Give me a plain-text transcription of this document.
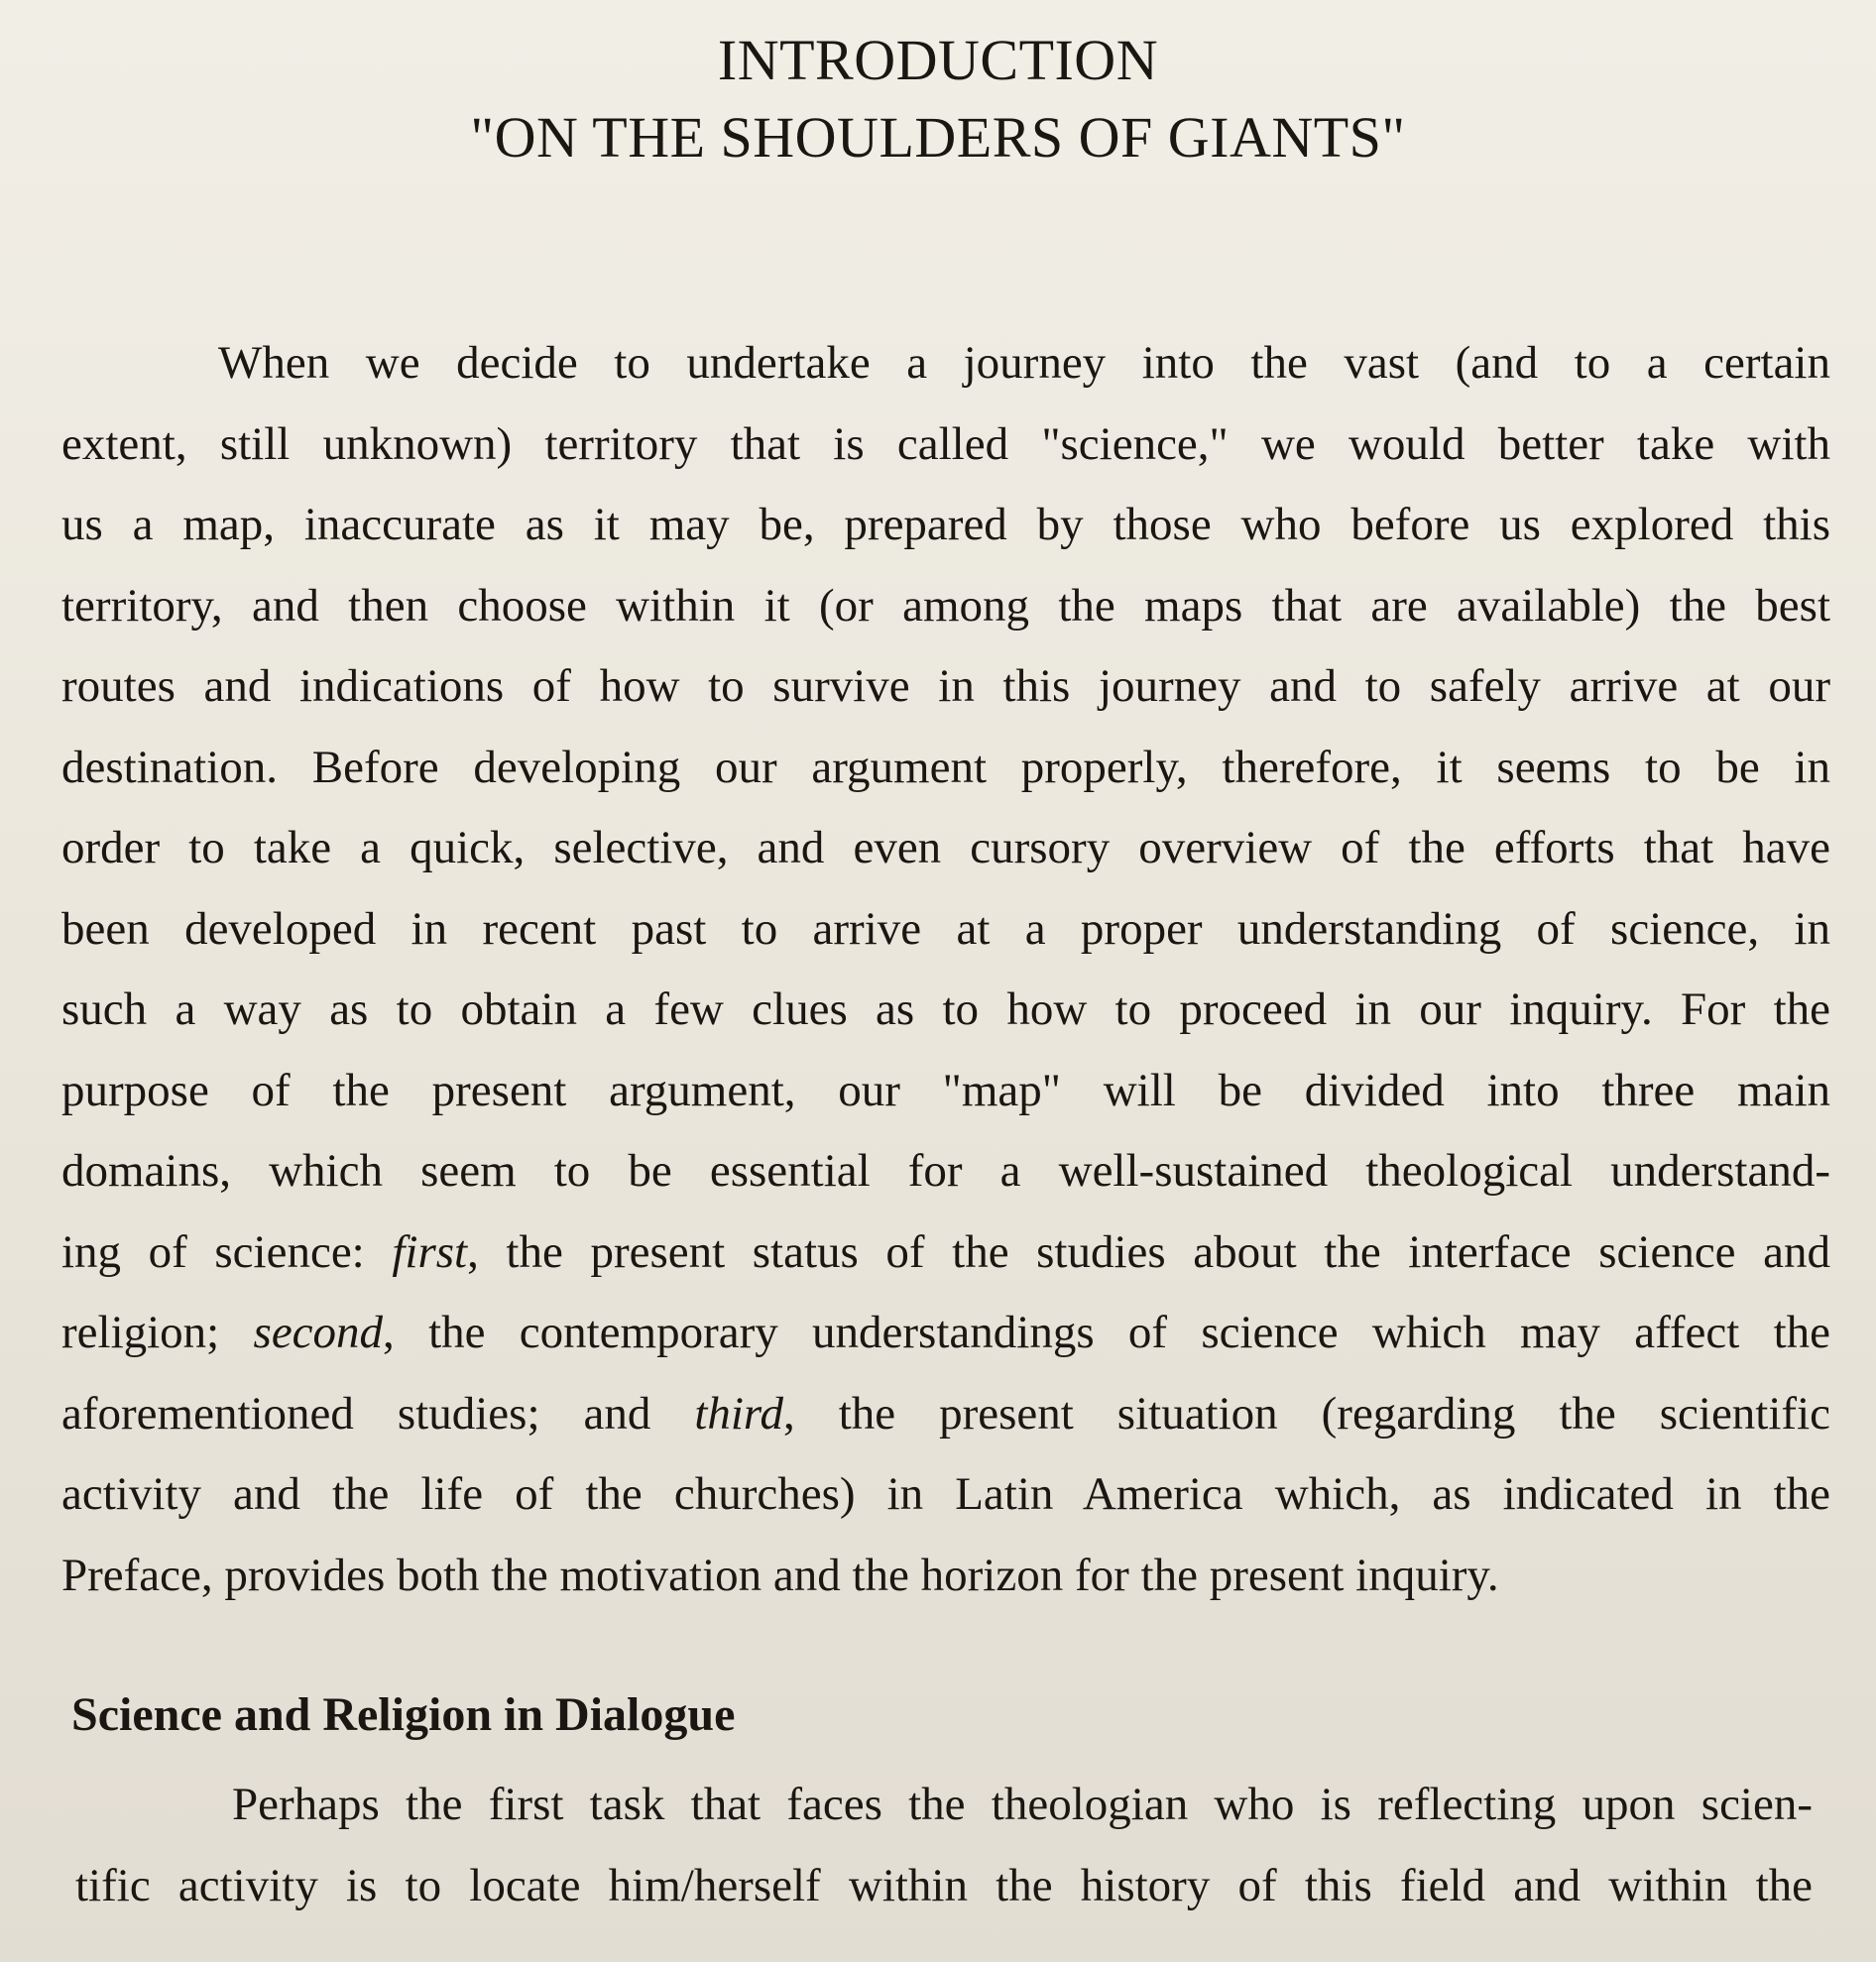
INTRODUCTION
"ON THE SHOULDERS OF GIANTS"
When we decide to undertake a journey into the vast (and to a certain
extent, still unknown) territory that is called "science," we would better take with
us a map, inaccurate as it may be, prepared by those who before us explored this
territory, and then choose within it (or among the maps that are available) the best
routes and indications of how to survive in this journey and to safely arrive at our
destination. Before developing our argument properly, therefore, it seems to be in
order to take a quick, selective, and even cursory overview of the efforts that have
been developed in recent past to arrive at a proper understanding of science, in
such a way as to obtain a few clues as to how to proceed in our inquiry. For the
purpose of the present argument, our "map" will be divided into three main
domains, which seem to be essential for a well-sustained theological understand-
ing of science: first, the present status of the studies about the interface science and
religion; second, the contemporary understandings of science which may affect the
aforementioned studies; and third, the present situation (regarding the scientific
activity and the life of the churches) in Latin America which, as indicated in the
Preface, provides both the motivation and the horizon for the present inquiry.
Science and Religion in Dialogue
Perhaps the first task that faces the theologian who is reflecting upon scien-
tific activity is to locate him/herself within the history of this field and within the
